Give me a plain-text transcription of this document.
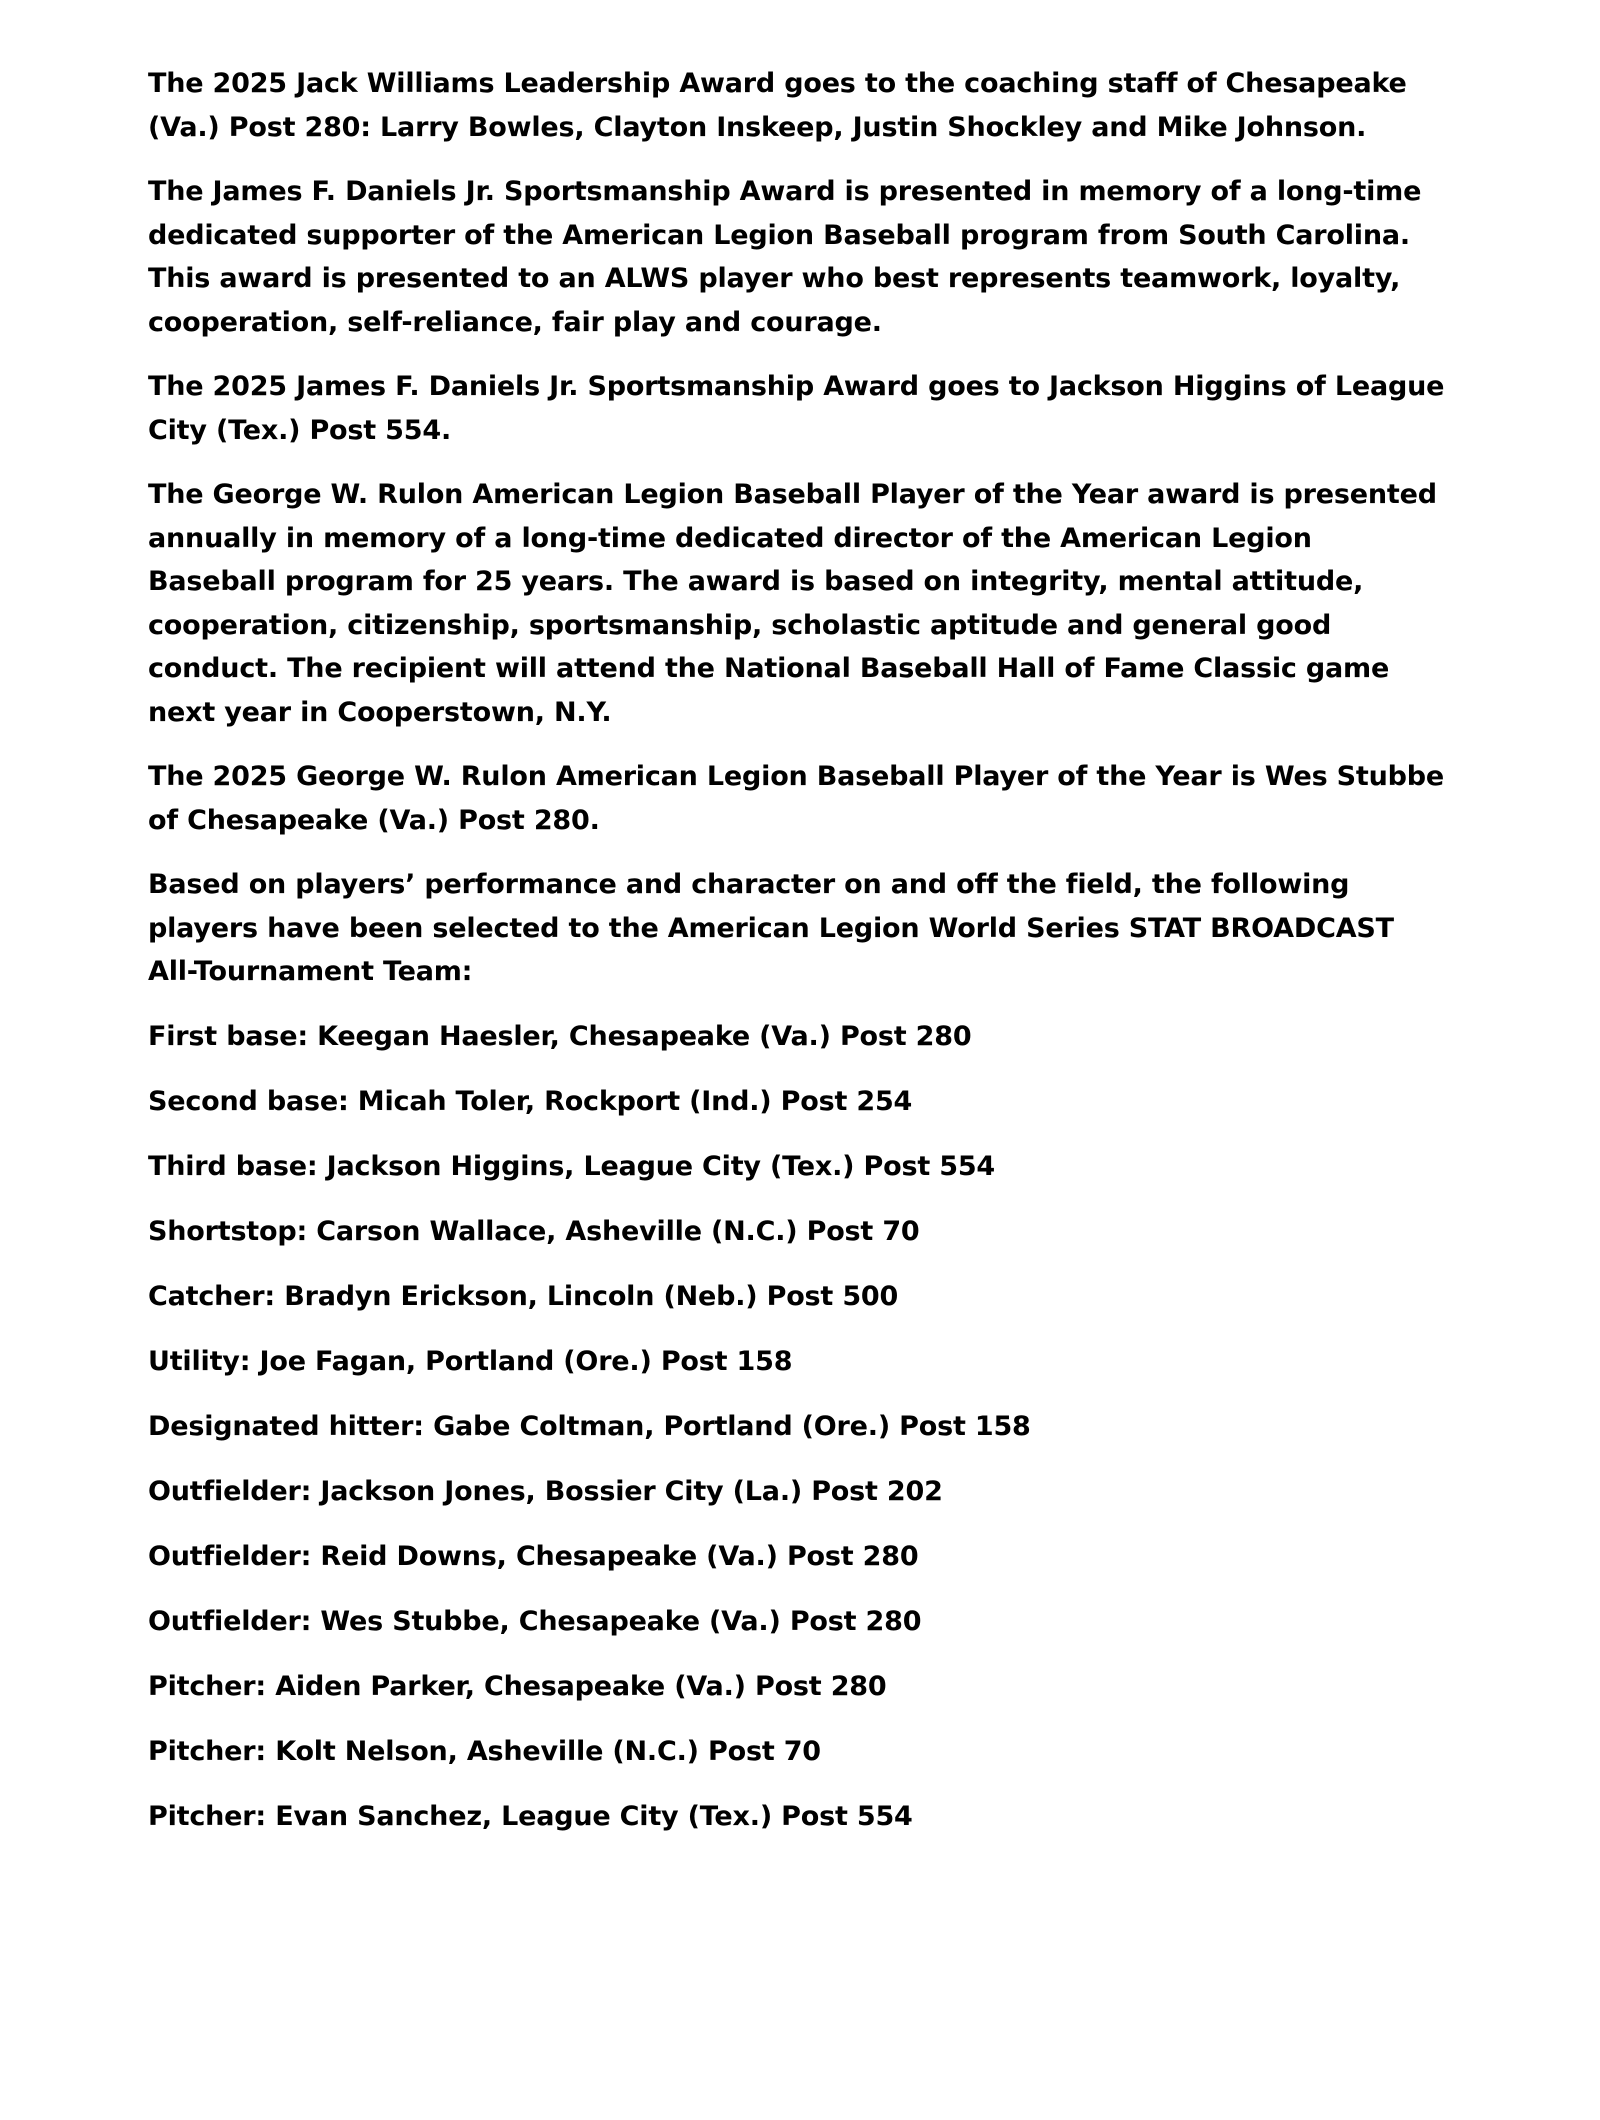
The 2025 Jack Williams Leadership Award goes to the coaching staff of Chesapeake (Va.) Post 280: Larry Bowles, Clayton Inskeep, Justin Shockley and Mike Johnson.

The James F. Daniels Jr. Sportsmanship Award is presented in memory of a long-time dedicated supporter of the American Legion Baseball program from South Carolina. This award is presented to an ALWS player who best represents teamwork, loyalty, cooperation, self-reliance, fair play and courage.

The 2025 James F. Daniels Jr. Sportsmanship Award goes to Jackson Higgins of League City (Tex.) Post 554.

The George W. Rulon American Legion Baseball Player of the Year award is presented annually in memory of a long-time dedicated director of the American Legion Baseball program for 25 years. The award is based on integrity, mental attitude, cooperation, citizenship, sportsmanship, scholastic aptitude and general good conduct. The recipient will attend the National Baseball Hall of Fame Classic game next year in Cooperstown, N.Y.

The 2025 George W. Rulon American Legion Baseball Player of the Year is Wes Stubbe of Chesapeake (Va.) Post 280.

Based on players’ performance and character on and off the field, the following players have been selected to the American Legion World Series STAT BROADCAST All-Tournament Team:

First base: Keegan Haesler, Chesapeake (Va.) Post 280
Second base: Micah Toler, Rockport (Ind.) Post 254
Third base: Jackson Higgins, League City (Tex.) Post 554
Shortstop: Carson Wallace, Asheville (N.C.) Post 70
Catcher: Bradyn Erickson, Lincoln (Neb.) Post 500
Utility: Joe Fagan, Portland (Ore.) Post 158
Designated hitter: Gabe Coltman, Portland (Ore.) Post 158
Outfielder: Jackson Jones, Bossier City (La.) Post 202
Outfielder: Reid Downs, Chesapeake (Va.) Post 280
Outfielder: Wes Stubbe, Chesapeake (Va.) Post 280
Pitcher: Aiden Parker, Chesapeake (Va.) Post 280
Pitcher: Kolt Nelson, Asheville (N.C.) Post 70
Pitcher: Evan Sanchez, League City (Tex.) Post 554
